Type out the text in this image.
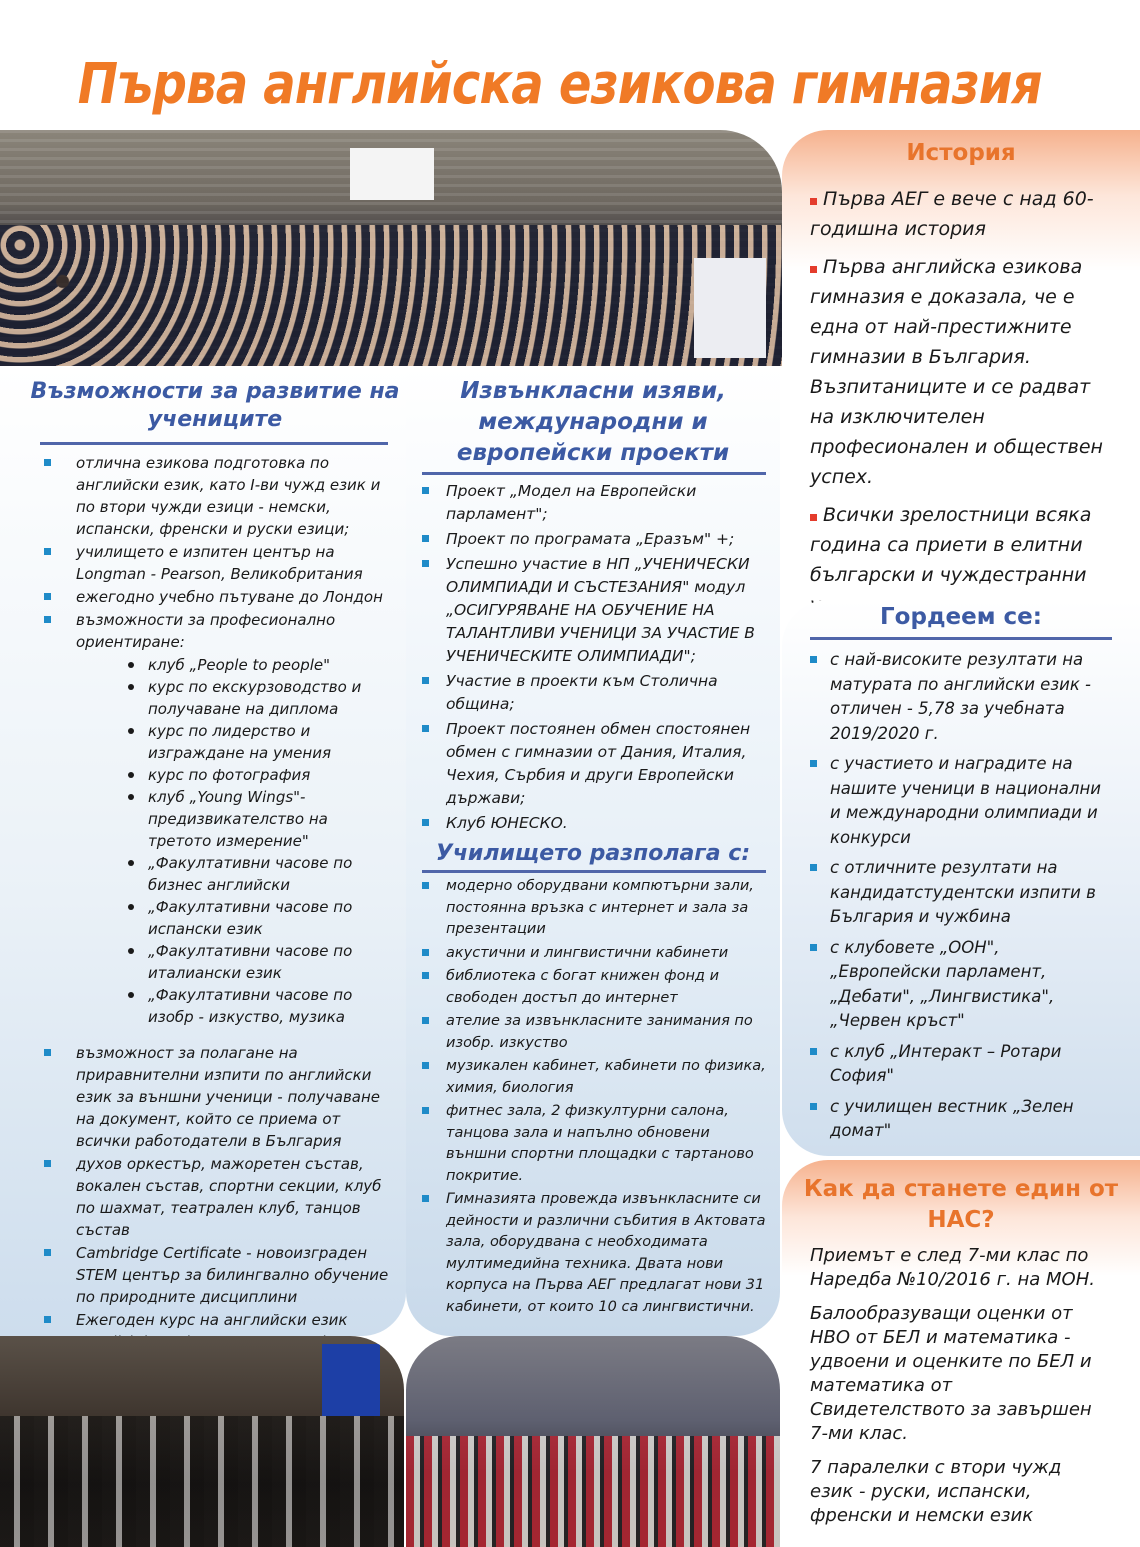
Първа английска езикова гимназия
Възможности за развитие на учениците
отлична езикова подготовка по английски език, като I-ви чужд език и по втори чужди езици - немски, испански, френски и руски езици;
училището е изпитен център на Longman - Pearson, Великобритания
ежегодно учебно пътуване до Лондон
възможности за професионално ориентиране:
клуб „People to people"
курс по екскурзоводство и получаване на диплома
курс по лидерство и изграждане на умения
курс по фотография
клуб „Young Wings"- предизвикателство на третото измерение"
„Факултативни часове по бизнес английски
„Факултативни часове по испански език
„Факултативни часове по италиански език
„Факултативни часове по изобр - изкуство, музика
възможност за полагане на приравнителни изпити по английски език за външни ученици - получаване на документ, който се приема от всички работодатели в България
духов оркестър, мажоретен състав, вокален състав, спортни секции, клуб по шахмат, театрален клуб, танцов състав
Cambridge Certificate - новоизграден STEM център за билингвално обучение по природните дисциплини
Ежегоден курс на английски език
Извънкласни изяви, международни и европейски проекти
Проект „Модел на Европейски парламент";
Проект по програмата „Еразъм" +;
Успешно участие в НП „УЧЕНИЧЕСКИ ОЛИМПИАДИ И СЪСТЕЗАНИЯ" модул „ОСИГУРЯВАНЕ НА ОБУЧЕНИЕ НА ТАЛАНТЛИВИ УЧЕНИЦИ ЗА УЧАСТИЕ В УЧЕНИЧЕСКИТЕ ОЛИМПИАДИ";
Участие в проекти към Столична община;
Проект постоянен обмен спостоянен обмен с гимназии от Дания, Италия, Чехия, Сърбия и други Европейски държави;
Клуб ЮНЕСКО.
Училището разполага с:
модерно оборудвани компютърни зали, постоянна връзка с интернет и зала за презентации
акустични и лингвистични кабинети
библиотека с богат книжен фонд и свободен достъп до интернет
ателие за извънкласните занимания по изобр. изкуство
музикален кабинет, кабинети по физика, химия, биология
фитнес зала, 2 физкултурни салона, танцова зала и напълно обновени външни спортни площадки с тартаново покритие.
Гимназията провежда извънкласните си дейности и различни събития в Актовата зала, оборудвана с необходимата мултимедийна техника. Двата нови корпуса на Първа АЕГ предлагат нови 31 кабинети, от които 10 са лингвистични.
История
Първа АЕГ е вече с над 60-годишна история
Първа английска езикова гимназия е доказала, че е една от най-престижните гимназии в България. Възпитаниците и се радват на изключителен професионален и обществен успех.
Всички зрелостници всяка година са приети в елитни български и чуждестранни
Гордеем се:
с най-високите резултати на матурата по английски език - отличен - 5,78 за учебната 2019/2020 г.
с участието и наградите на нашите ученици в национални и международни олимпиади и конкурси
с отличните резултати на кандидатстудентски изпити в България и чужбина
с клубовете „ООН", „Европейски парламент, „Дебати", „Лингвистика", „Червен кръст"
с клуб „Интеракт – Ротари София"
с училищен вестник „Зелен домат"
Как да станете един от НАС?
Приемът е след 7-ми клас по Наредба №10/2016 г. на МОН.
Балообразуващи оценки от НВО от БЕЛ и математика - удвоени и оценките по БЕЛ и математика от Свидетелството за завършен 7-ми клас.
7 паралелки с втори чужд език - руски, испански, френски и немски език
